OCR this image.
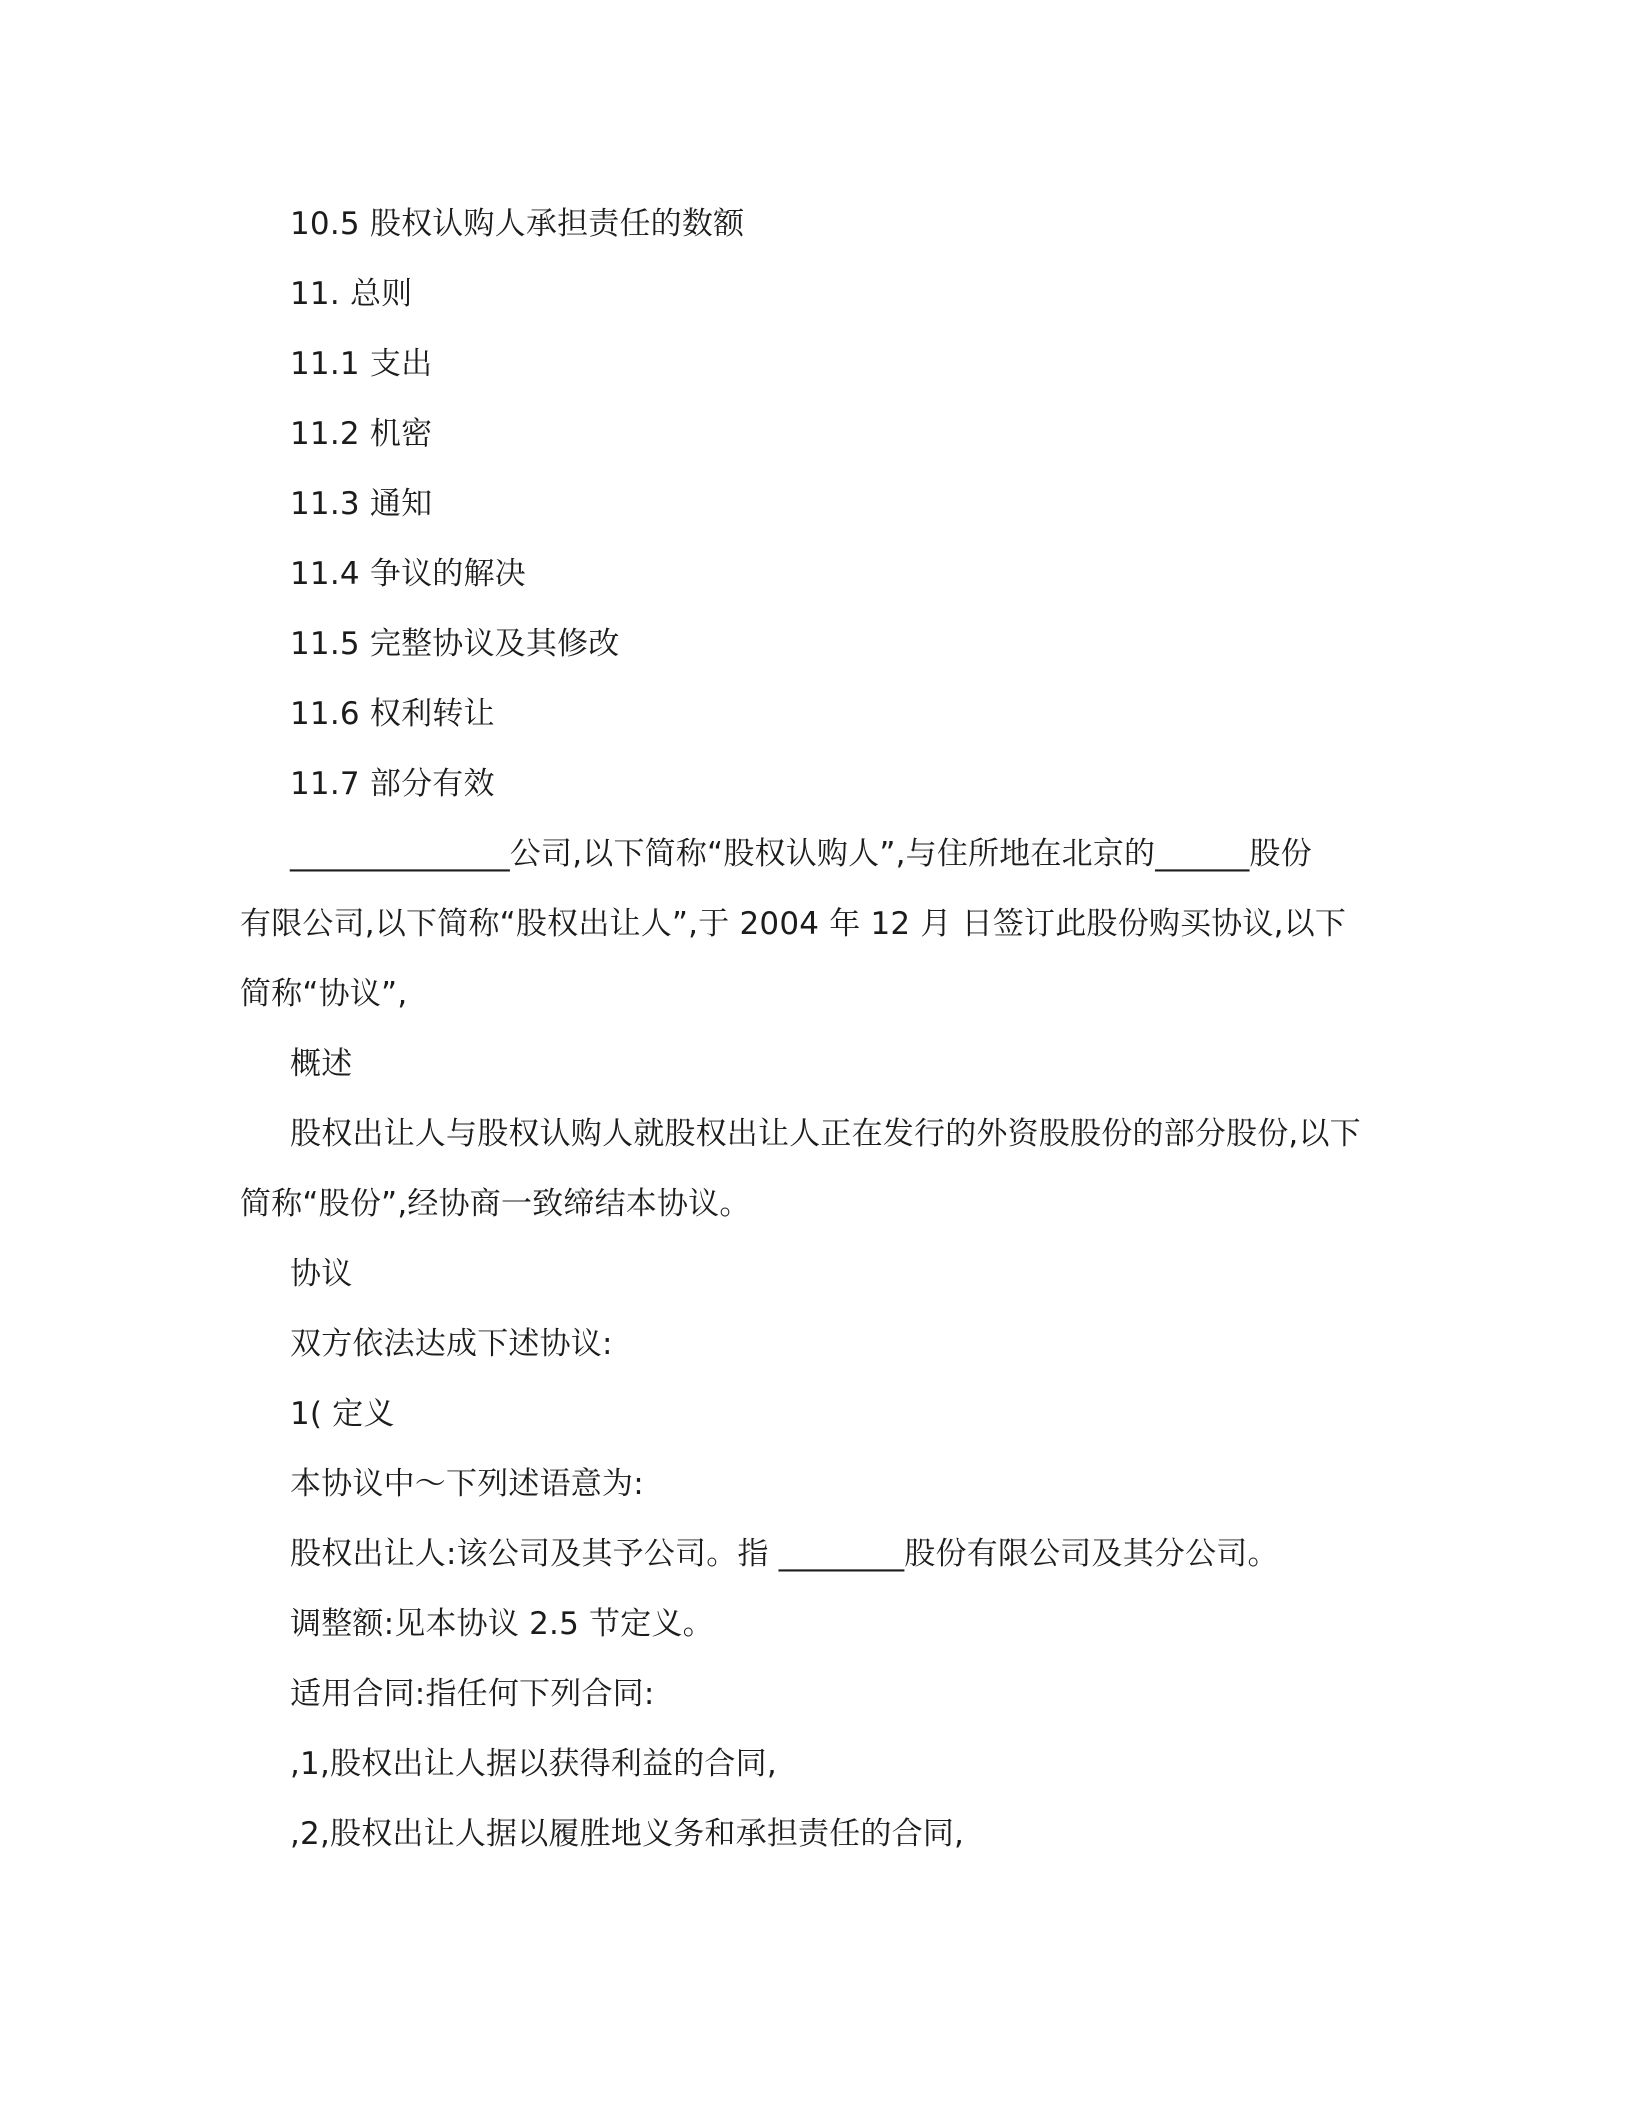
10.5 股权认购人承担责任的数额
11. 总则
11.1 支出
11.2 机密
11.3 通知
11.4 争议的解决
11.5 完整协议及其修改
11.6 权利转让
11.7 部分有效
______________公司,以下简称“股权认购人”,与住所地在北京的______股份
有限公司,以下简称“股权出让人”,于 2004 年 12 月 日签订此股份购买协议,以下
简称“协议”,
概述
股权出让人与股权认购人就股权出让人正在发行的外资股股份的部分股份,以下
简称“股份”,经协商一致缔结本协议。
协议
双方依法达成下述协议:
1( 定义
本协议中～下列述语意为:
股权出让人:该公司及其予公司。指 ________股份有限公司及其分公司。
调整额:见本协议 2.5 节定义。
适用合同:指任何下列合同:
,1,股权出让人据以获得利益的合同,
,2,股权出让人据以履胜地义务和承担责任的合同,
